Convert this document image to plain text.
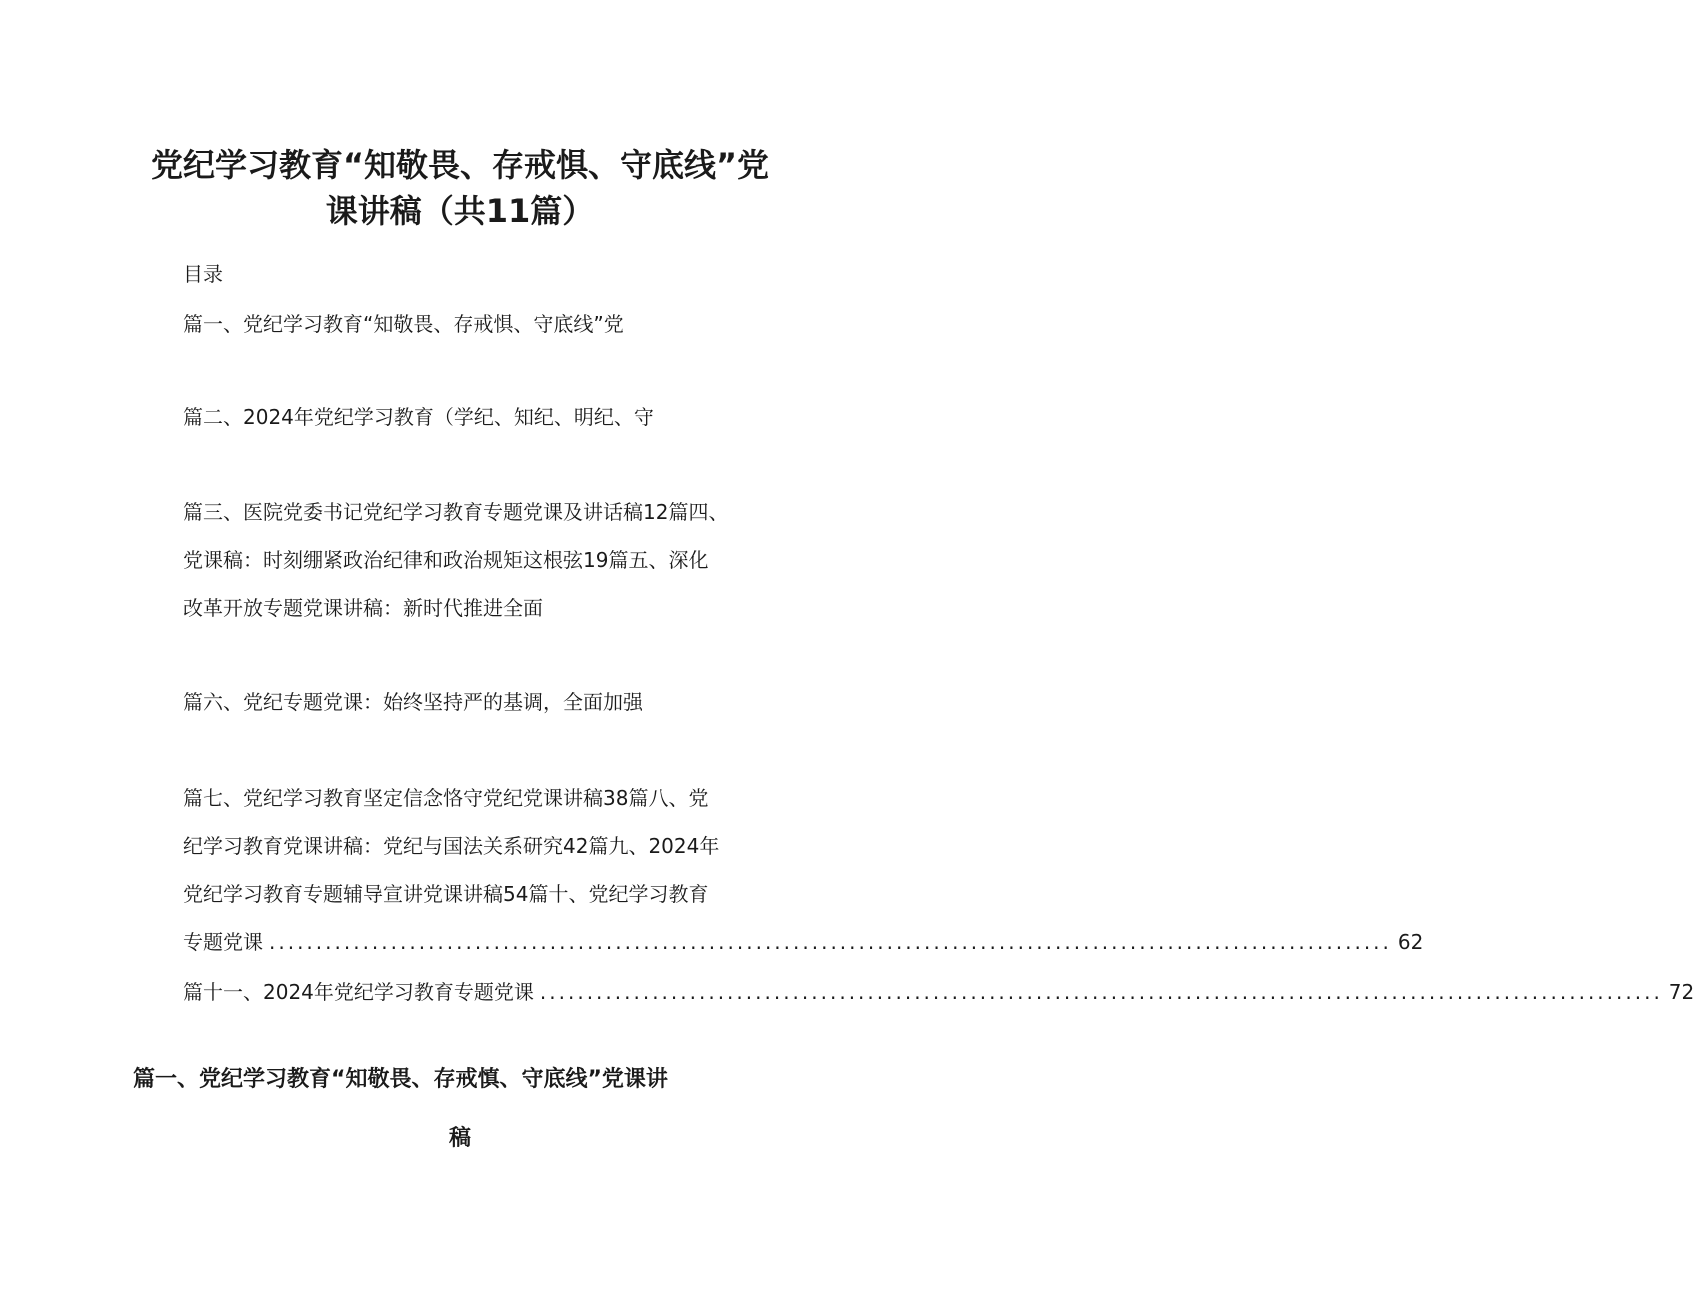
党纪学习教育“知敬畏、存戒惧、守底线”党
课讲稿（共11篇）
目录
篇一、党纪学习教育“知敬畏、存戒惧、守底线”党
篇二、2024年党纪学习教育（学纪、知纪、明纪、守
篇三、医院党委书记党纪学习教育专题党课及讲话稿12篇四、
党课稿：时刻绷紧政治纪律和政治规矩这根弦19篇五、深化
改革开放专题党课讲稿：新时代推进全面
篇六、党纪专题党课：始终坚持严的基调，全面加强
篇七、党纪学习教育坚定信念恪守党纪党课讲稿38篇八、党
纪学习教育党课讲稿：党纪与国法关系研究42篇九、2024年
党纪学习教育专题辅导宣讲党课讲稿54篇十、党纪学习教育
专题党课 ........................................................................................................................ 62
篇十一、2024年党纪学习教育专题党课 ........................................................................................................................ 72
篇一、党纪学习教育“知敬畏、存戒慎、守底线”党课讲
稿
